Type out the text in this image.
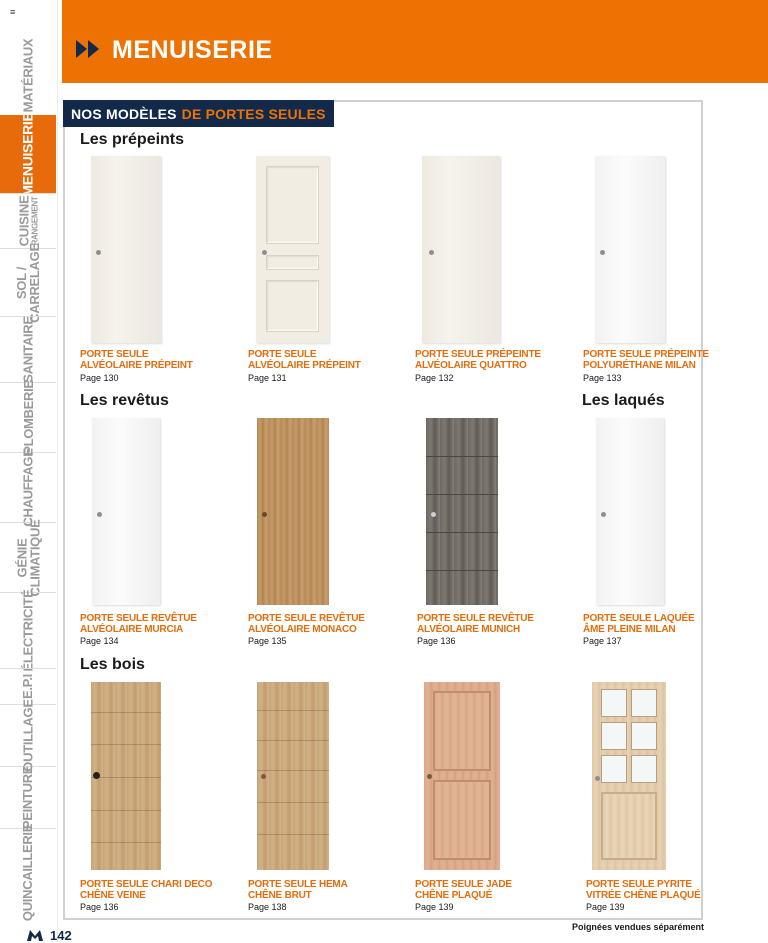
≡
MATÉRIAUX
MENUISERIE
CUISINE RANGEMENT
SOL /
CARRELAGE
SANITAIRE
PLOMBERIE
CHAUFFAGE
GÉNIE
CLIMATIQUE
ÉLECTRICITÉ
E.P.I
OUTILLAGE
PEINTURE
QUINCAILLERIE
MENUISERIE
NOS MODÈLES DE PORTES SEULES
Les prépeints
Les revêtus	Les laqués
Les bois
PORTE SEULE
ALVÉOLAIRE PRÉPEINT
Page 130
PORTE SEULE
ALVÉOLAIRE PRÉPEINT
Page 131
PORTE SEULE PRÉPEINTE
ALVÉOLAIRE QUATTRO
Page 132
PORTE SEULE PRÉPEINTE
POLYURÉTHANE MILAN
Page 133
PORTE SEULE REVÊTUE
ALVÉOLAIRE MURCIA
Page 134
PORTE SEULE REVÊTUE
ALVÉOLAIRE MONACO
Page 135
PORTE SEULE REVÊTUE
ALVÉOLAIRE MUNICH
Page 136
PORTE SEULE LAQUÉE
ÂME PLEINE MILAN
Page 137
PORTE SEULE CHARI DECO
CHÊNE VEINE
Page 136
PORTE SEULE HEMA
CHÊNE BRUT
Page 138
PORTE SEULE JADE
CHÊNE PLAQUÉ
Page 139
PORTE SEULE PYRITE
VITRÉE CHÊNE PLAQUÉ
Page 139
142
Poignées vendues séparément
